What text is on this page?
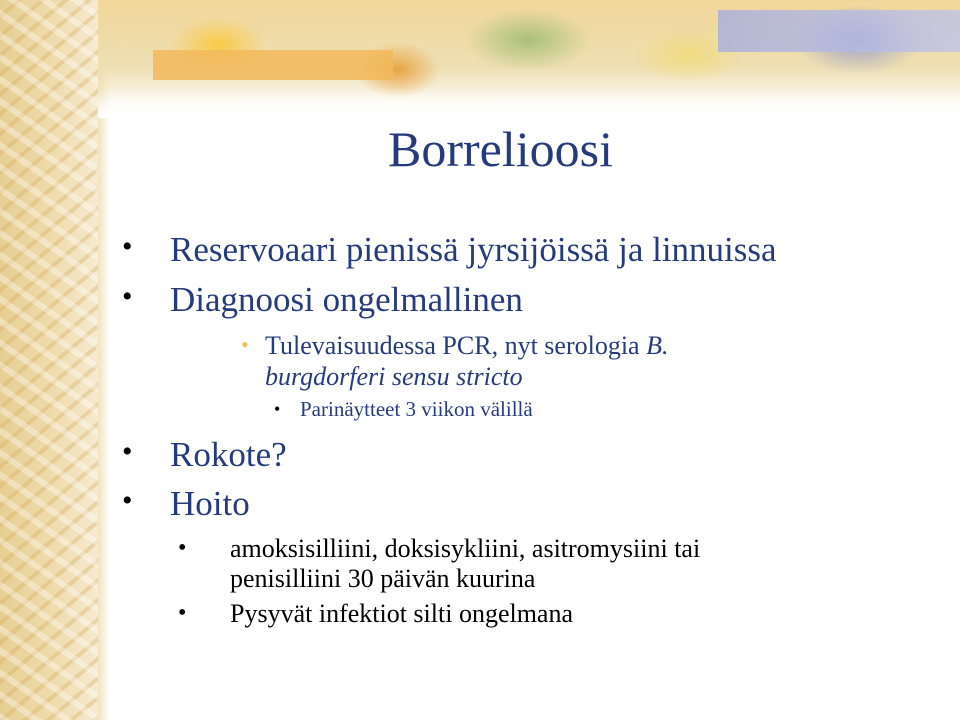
Borrelioosi
• Reservoaari pienissä jyrsijöissä ja linnuissa
• Diagnoosi ongelmallinen
• Tulevaisuudessa PCR, nyt serologia B.
burgdorferi sensu stricto
• Parinäytteet 3 viikon välillä
• Rokote?
• Hoito
• amoksisilliini, doksisykliini, asitromysiini tai
penisilliini 30 päivän kuurina
• Pysyvät infektiot silti ongelmana
